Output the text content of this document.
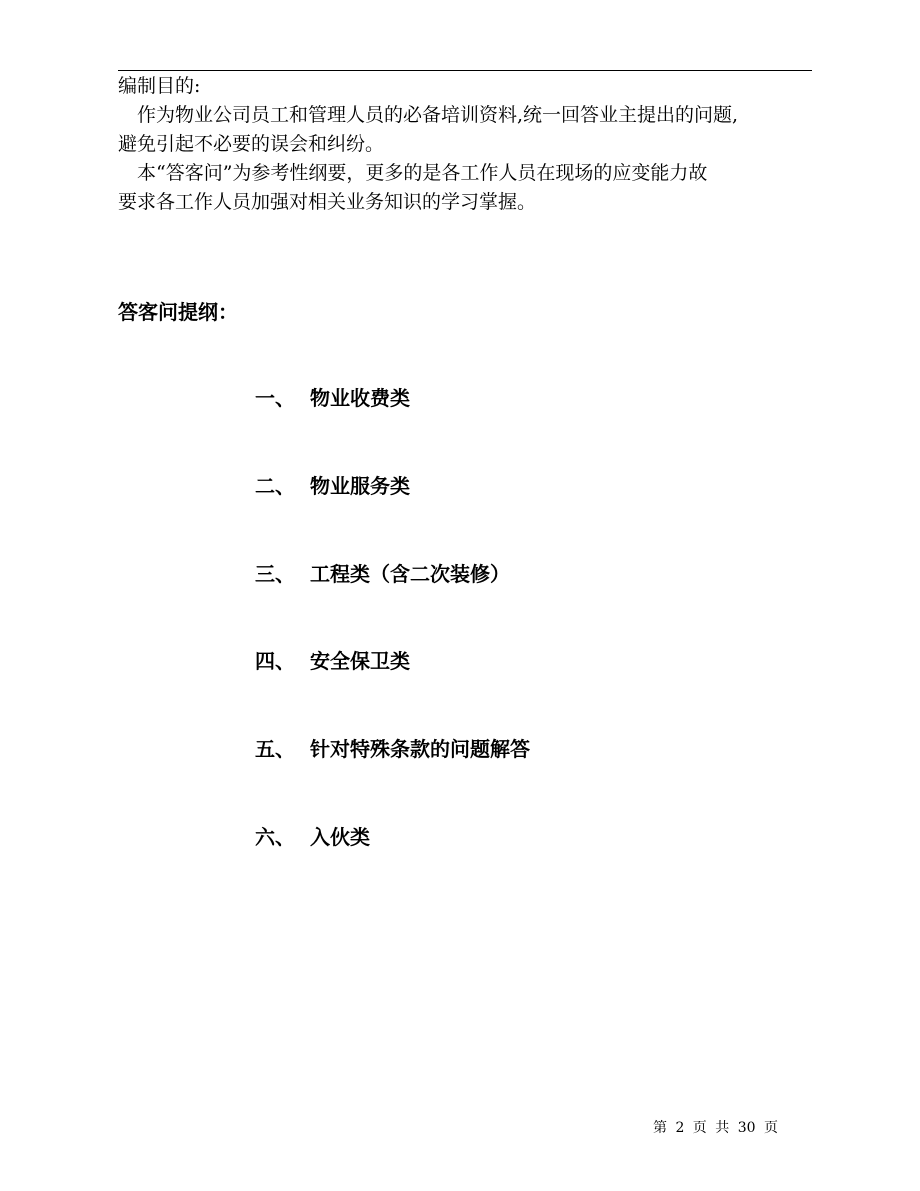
编制目的:
作为物业公司员工和管理人员的必备培训资料,统一回答业主提出的问题,
避免引起不必要的误会和纠纷。
本“答客问”为参考性纲要，更多的是各工作人员在现场的应变能力故
要求各工作人员加强对相关业务知识的学习掌握。
答客问提纲：
一、 物业收费类
二、 物业服务类
三、 工程类（含二次装修）
四、 安全保卫类
五、 针对特殊条款的问题解答
六、 入伙类
第 2 页 共 30 页
